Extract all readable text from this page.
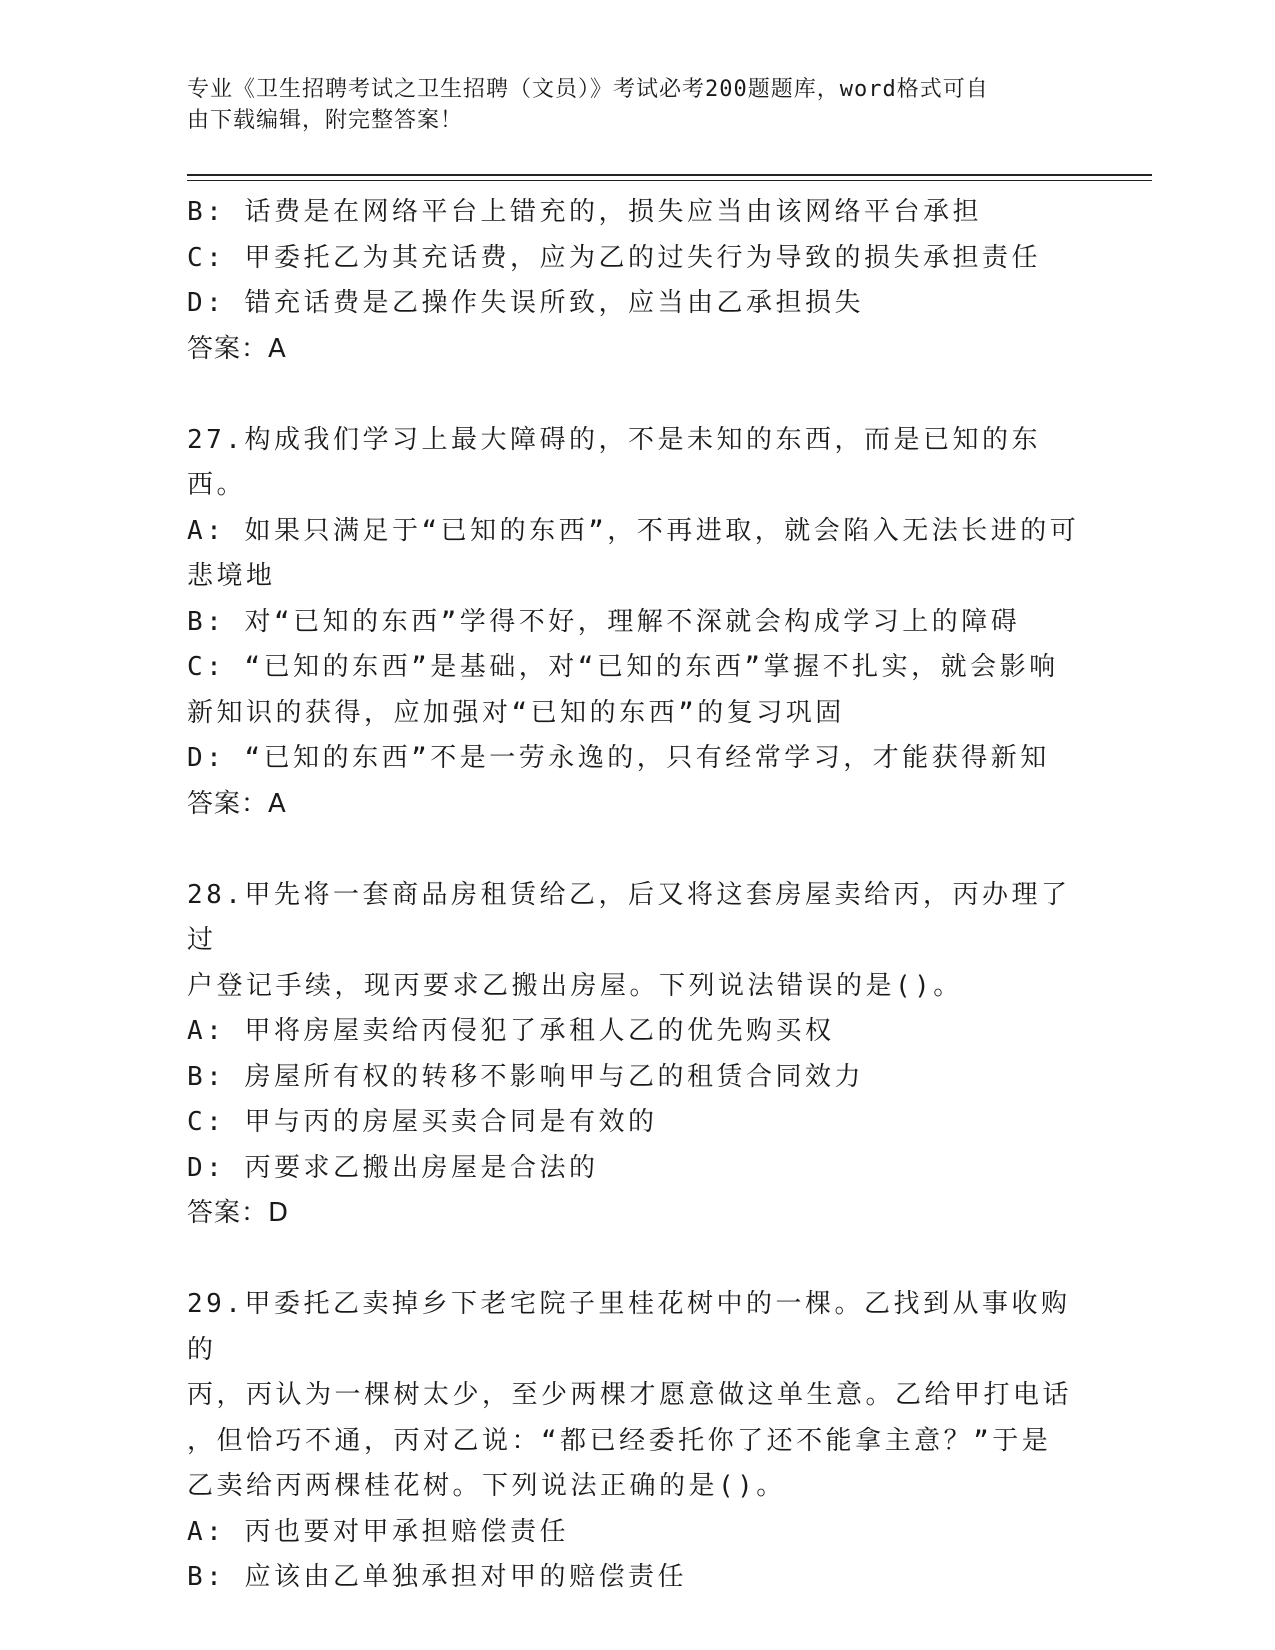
专业《卫生招聘考试之卫生招聘（文员）》考试必考200题题库，word格式可自
由下载编辑，附完整答案！
B: 话费是在网络平台上错充的，损失应当由该网络平台承担
C: 甲委托乙为其充话费，应为乙的过失行为导致的损失承担责任
D: 错充话费是乙操作失误所致，应当由乙承担损失
答案：A
27.构成我们学习上最大障碍的，不是未知的东西，而是已知的东西。
A: 如果只满足于“已知的东西”，不再进取，就会陷入无法长进的可
悲境地
B: 对“已知的东西”学得不好，理解不深就会构成学习上的障碍
C: “已知的东西”是基础，对“已知的东西”掌握不扎实，就会影响
新知识的获得，应加强对“已知的东西”的复习巩固
D: “已知的东西”不是一劳永逸的，只有经常学习，才能获得新知
答案：A
28.甲先将一套商品房租赁给乙，后又将这套房屋卖给丙，丙办理了过
户登记手续，现丙要求乙搬出房屋。下列说法错误的是()。
A: 甲将房屋卖给丙侵犯了承租人乙的优先购买权
B: 房屋所有权的转移不影响甲与乙的租赁合同效力
C: 甲与丙的房屋买卖合同是有效的
D: 丙要求乙搬出房屋是合法的
答案：D
29.甲委托乙卖掉乡下老宅院子里桂花树中的一棵。乙找到从事收购的
丙，丙认为一棵树太少，至少两棵才愿意做这单生意。乙给甲打电话
，但恰巧不通，丙对乙说：“都已经委托你了还不能拿主意？”于是
乙卖给丙两棵桂花树。下列说法正确的是()。
A: 丙也要对甲承担赔偿责任
B: 应该由乙单独承担对甲的赔偿责任
